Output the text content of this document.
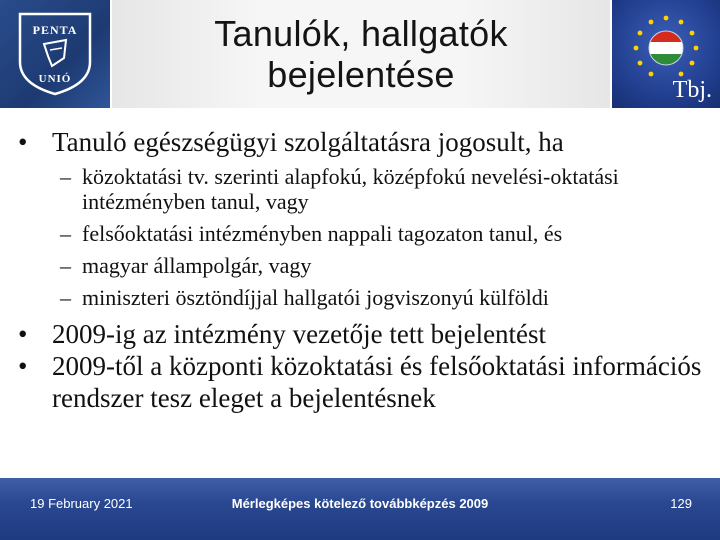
PENTA
UNIÓ
Tanulók, hallgatók
bejelentése	Tbj.

• Tanuló egészségügyi szolgáltatásra jogosult, ha

– közoktatási tv. szerinti alapfokú, középfokú nevelési-oktatási intézményben tanul, vagy
– felsőoktatási intézményben nappali tagozaton tanul, és
– magyar állampolgár, vagy
– miniszteri ösztöndíjjal hallgatói jogviszonyú külföldi

• 2009-ig az intézmény vezetője tett bejelentést

• 2009-től a központi közoktatási és felsőoktatási információs rendszer tesz eleget a bejelentésnek

19 February 2021	Mérlegképes kötelező továbbképzés 2009	129
